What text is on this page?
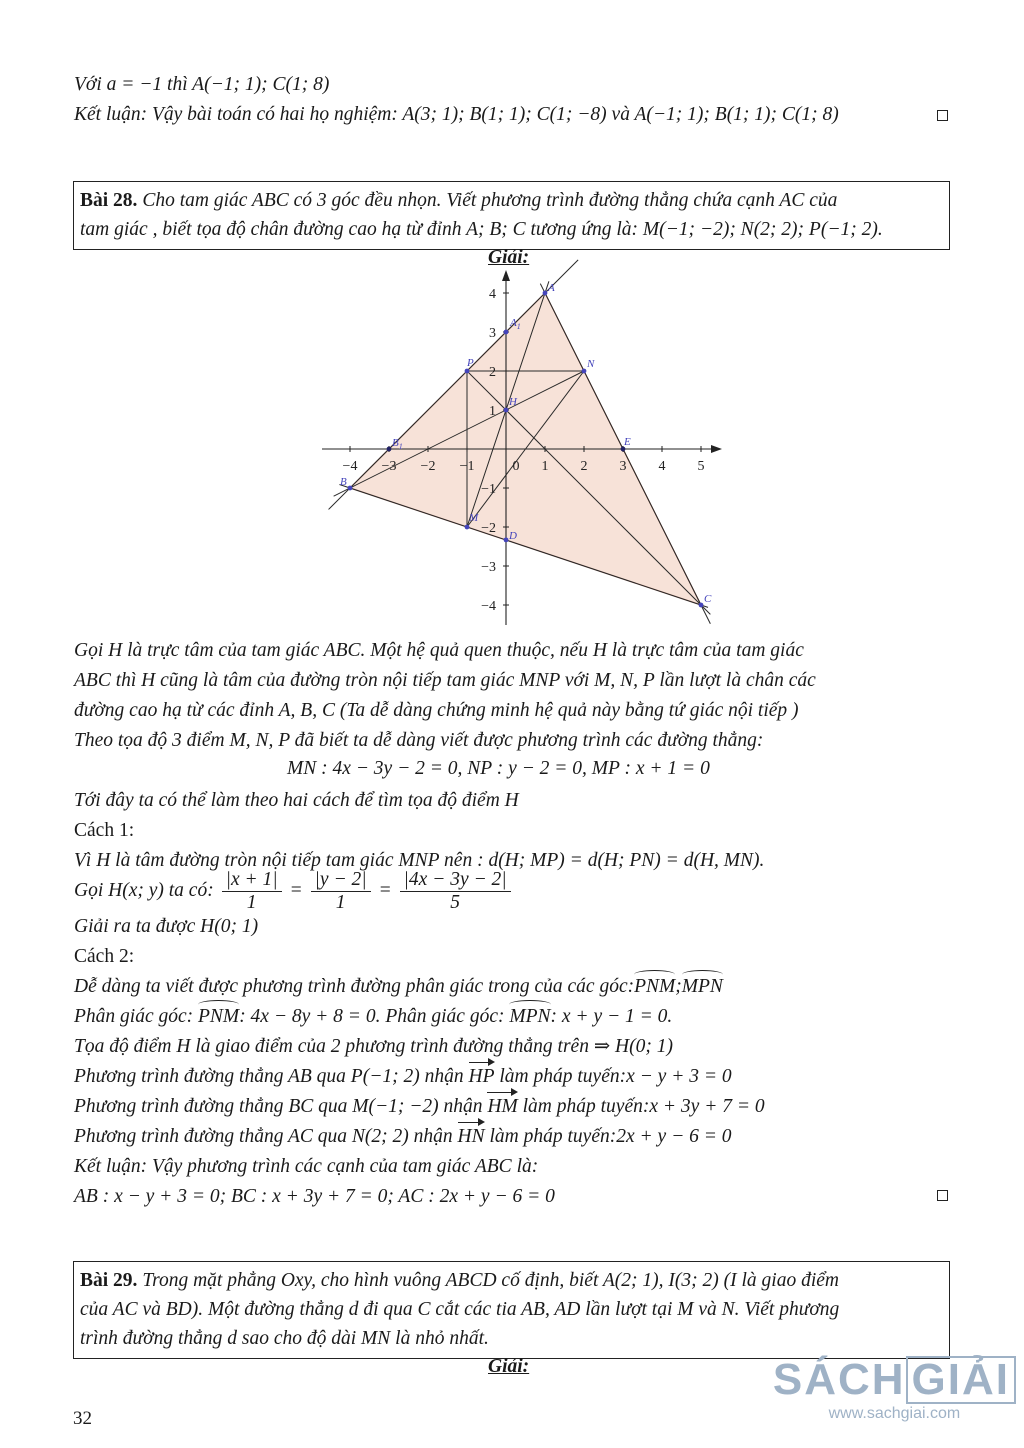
Với a = −1 thì A(−1; 1); C(1; 8)
Kết luận: Vậy bài toán có hai họ nghiệm: A(3; 1); B(1; 1); C(1; −8) và A(−1; 1); B(1; 1); C(1; 8)
Bài 28. Cho tam giác ABC có 3 góc đều nhọn. Viết phương trình đường thẳng chứa cạnh AC của
tam giác , biết tọa độ chân đường cao hạ từ đỉnh A; B; C tương ứng là: M(−1; −2); N(2; 2); P(−1; 2).
Giải:
−4 −3 −2 −1	0 1 2 3 4 5
4
3
2
1
−1
−2
−3
−4
A
B
C
M
N
P
H
$A_1$
$B_1$	E
D
Gọi H là trực tâm của tam giác ABC. Một hệ quả quen thuộc, nếu H là trực tâm của tam giác
ABC thì H cũng là tâm của đường tròn nội tiếp tam giác MNP với M, N, P lần lượt là chân các
đường cao hạ từ các đỉnh A, B, C (Ta dễ dàng chứng minh hệ quả này bằng tứ giác nội tiếp )
Theo tọa độ 3 điểm M, N, P đã biết ta dễ dàng viết được phương trình các đường thẳng:
MN : 4x − 3y − 2 = 0, NP : y − 2 = 0, MP : x + 1 = 0
Tới đây ta có thể làm theo hai cách để tìm tọa độ điểm H
Cách 1:
Vì H là tâm đường tròn nội tiếp tam giác MNP nên : d(H; MP) = d(H; PN) = d(H, MN).
Gọi H(x; y) ta có: $\frac{|x + 1|}{1} = \frac{|y - 2|}{1} = \frac{|4x - 3y - 2|}{5}$
Giải ra ta được H(0; 1)
Cách 2:
Dễ dàng ta viết được phương trình đường phân giác trong của các góc:PNM;MPN
Phân giác góc: PNM: 4x − 8y + 8 = 0. Phân giác góc: MPN: x + y − 1 = 0.
Tọa độ điểm H là giao điểm của 2 phương trình đường thẳng trên ⇒ H(0; 1)
Phương trình đường thẳng AB qua P(−1; 2) nhận HP làm pháp tuyến:x − y + 3 = 0
Phương trình đường thẳng BC qua M(−1; −2) nhận HM làm pháp tuyến:x + 3y + 7 = 0
Phương trình đường thẳng AC qua N(2; 2) nhận HN làm pháp tuyến:2x + y − 6 = 0
Kết luận: Vậy phương trình các cạnh của tam giác ABC là:
AB : x − y + 3 = 0; BC : x + 3y + 7 = 0; AC : 2x + y − 6 = 0
Bài 29. Trong mặt phẳng Oxy, cho hình vuông ABCD cố định, biết A(2; 1), I(3; 2) (I là giao điểm
của AC và BD). Một đường thẳng d đi qua C cắt các tia AB, AD lần lượt tại M và N. Viết phương
trình đường thẳng d sao cho độ dài MN là nhỏ nhất.
Giải:	SÁCH GIẢI
www.sachgiai.com
32
